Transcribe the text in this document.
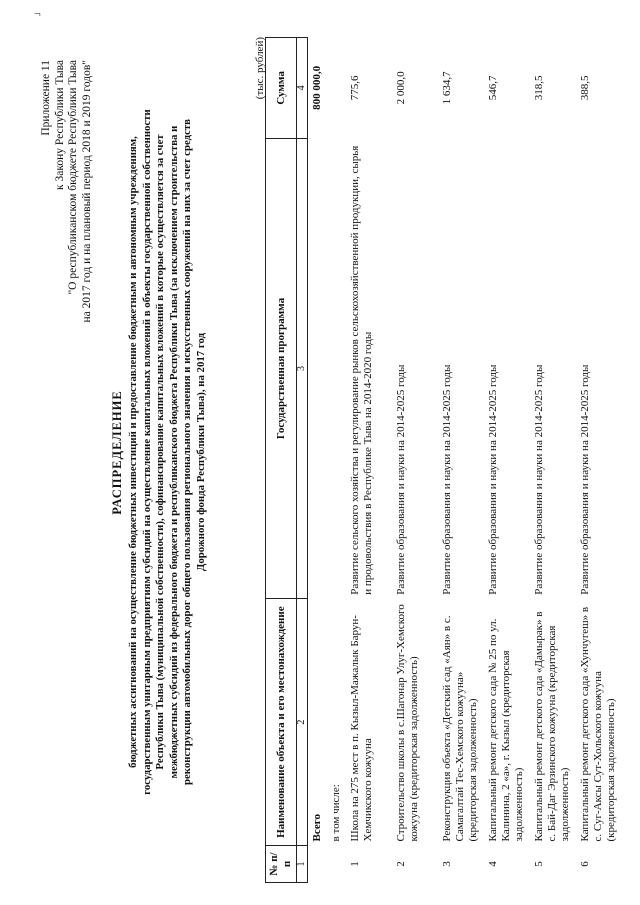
¬
Приложение 11 к Закону Республики Тыва "О республиканском бюджете Республики Тыва на 2017 год и на плановый период 2018 и 2019 годов"
РАСПРЕДЕЛЕНИЕ бюджетных ассигнований на осуществление бюджетных инвестиций и предоставление бюджетным и автономным учреждениям, государственным унитарным предприятиям субсидий на осуществление капитальных вложений в объекты государственной собственности Республики Тыва (муниципальной собственности), софинансирование капитальных вложений в которые осуществляется за счет межбюджетных субсидий из федерального бюджета и республиканского бюджета Республики Тыва (за исключением строительства и реконструкции автомобильных дорог общего пользования регионального значения и искусственных сооружений на них за счет средств Дорожного фонда Республики Тыва), на 2017 год
(тыс. рублей)
№ п/п	Наименование объекта и его местонахождение	Государственная программа	Сумма
1	2	3	4
	Всего		800 000,0
	в том числе:		
1	Школа на 275 мест в п. Кызыл-Мажалык Барун-Хемчикского кожууна	Развитие сельского хозяйства и регулирование рынков сельскохозяйственной продукции, сырья и продовольствия в Республике Тыва на 2014-2020 годы	775,6
2	Строительство школы в с.Шагонар Улуг-Хемского кожууна (кредиторская задолженность)	Развитие образования и науки на 2014-2025 годы	2 000,0
3	Реконструкция объекта «Детский сад «Аян» в с. Самагалтай Тес-Хемского кожууна» (кредиторская задолженность)	Развитие образования и науки на 2014-2025 годы	1 634,7
4	Капитальный ремонт детского сада № 25 по ул. Калинина, 2 «а», г. Кызыл (кредиторская задолженность)	Развитие образования и науки на 2014-2025 годы	546,7
5	Капитальный ремонт детского сада «Дамырак» в с. Бай-Даг Эрзинского кожууна (кредиторская задолженность)	Развитие образования и науки на 2014-2025 годы	318,5
6	Капитальный ремонт детского сада «Хунчугеш» в с. Суг-Аксы Сут-Хольского кожууна (кредиторская задолженность)	Развитие образования и науки на 2014-2025 годы	388,5
